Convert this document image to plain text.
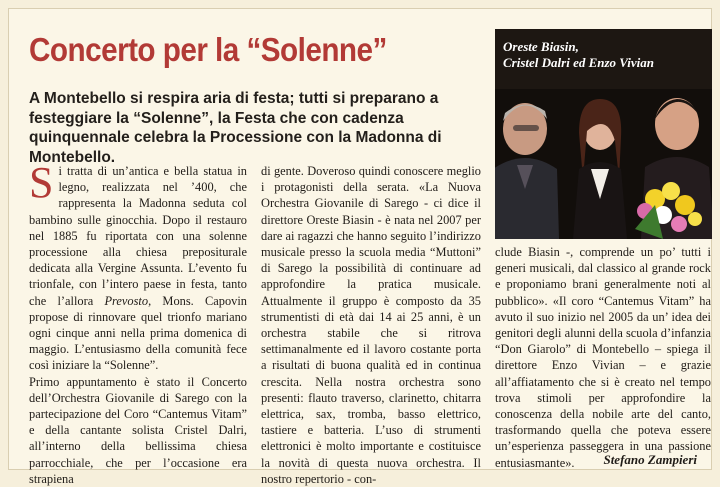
Concerto per la “Solenne”

A Montebello si respira aria di festa; tutti si preparano a festeggiare la “Solenne”, la Festa che con cadenza quinquennale celebra la Processione con la Madonna di Montebello.

Oreste Biasin,
Cristel Dalri ed Enzo Vivian

Si tratta di un’antica e bella statua in legno, realizzata nel ’400, che rappresenta la Madonna seduta col bambino sulle ginocchia. Dopo il restauro nel 1885 fu riportata con una solenne processione alla chiesa prepositurale dedicata alla Vergine Assunta. L’evento fu trionfale, con l’intero paese in festa, tanto che l’allora Prevosto, Mons. Capovin propose di rinnovare quel trionfo mariano ogni cinque anni nella prima domenica di maggio. L’entusiasmo della comunità fece così iniziare la “Solenne”.

Primo appuntamento è stato il Concerto dell’Orchestra Giovanile di Sarego con la partecipazione del Coro “Cantemus Vitam” e della cantante solista Cristel Dalri, all’interno della bellissima chiesa parrocchiale, che per l’occasione era strapiena

di gente. Doveroso quindi conoscere meglio i protagonisti della serata. «La Nuova Orchestra Giovanile di Sarego - ci dice il direttore Oreste Biasin - è nata nel 2007 per dare ai ragazzi che hanno seguito l’indirizzo musicale presso la scuola media “Muttoni” di Sarego la possibilità di continuare ad approfondire la pratica musicale. Attualmente il gruppo è composto da 35 strumentisti di età dai 14 ai 25 anni, è un orchestra stabile che si ritrova settimanalmente ed il lavoro costante porta a risultati di buona qualità ed in continua crescita. Nella nostra orchestra sono presenti: flauto traverso, clarinetto, chitarra elettrica, sax, tromba, basso elettrico, tastiere e batteria. L’uso di strumenti elettronici è molto importante e costituisce la novità di questa nuova orchestra. Il nostro repertorio - con-

clude Biasin -, comprende un po’ tutti i generi musicali, dal classico al grande rock e proponiamo brani generalmente noti al pubblico». «Il coro “Cantemus Vitam” ha avuto il suo inizio nel 2005 da un’ idea dei genitori degli alunni della scuola d’infanzia “Don Giarolo” di Montebello – spiega il direttore Enzo Vivian – e grazie all’affiatamento che si è creato nel tempo trova stimoli per approfondire la conoscenza della nobile arte del canto, trasformando quella che poteva essere un’esperienza passeggera in una passione entusiasmante».	Stefano Zampieri
